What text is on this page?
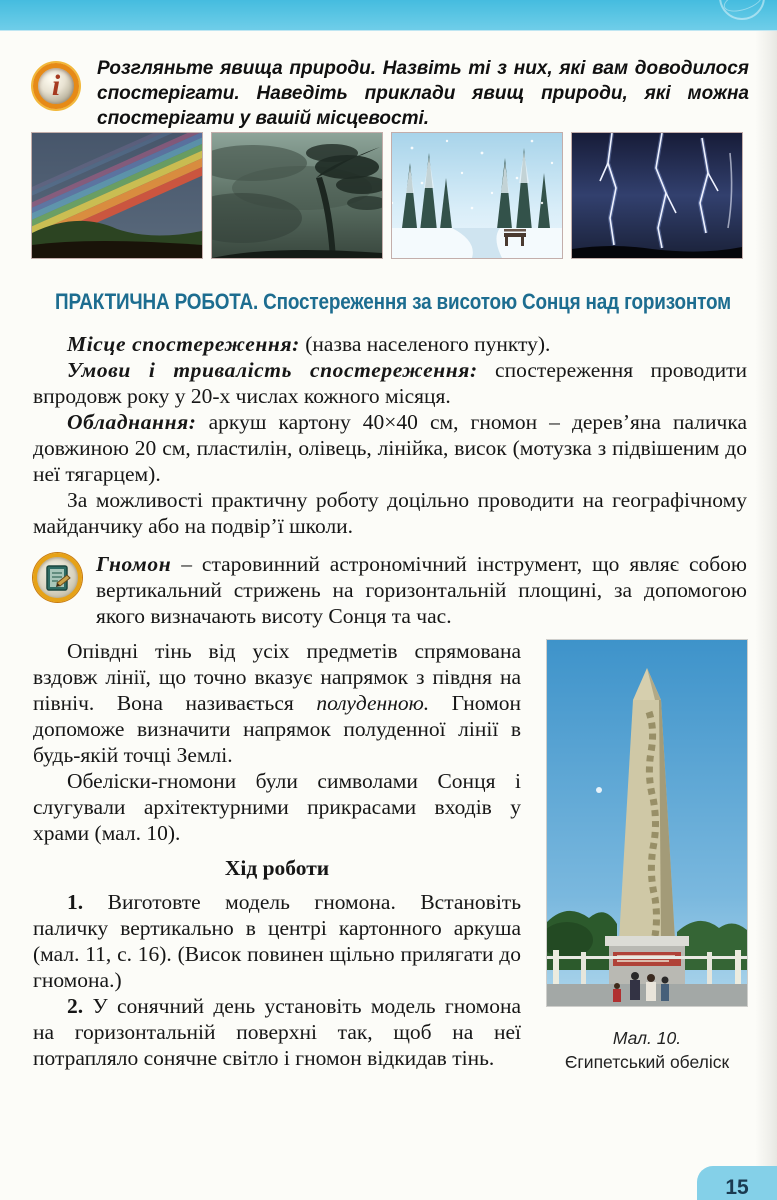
i
Розгляньте явища природи. Назвіть ті з них, які вам доводилося спостерігати. Наведіть приклади явищ природи, які можна спостерігати у вашій місцевості.
ПРАКТИЧНА РОБОТА. Спостереження за висотою Сонця над горизонтом

Місце спостереження: (назва населеного пункту).

Умови і тривалість спостереження: спостереження проводити впродовж року у 20-х числах кожного місяця.

Обладнання: аркуш картону 40×40 см, гномон – дерев’яна паличка довжиною 20 см, пластилін, олівець, лінійка, висок (мотузка з підвішеним до неї тягарцем).

За можливості практичну роботу доцільно проводити на географічному майданчику або на подвір’ї школи.

Гномон – старовинний астрономічний інструмент, що являє собою вертикальний стрижень на горизонтальній площині, за допомогою якого визначають висоту Сонця та час.

Опівдні тінь від усіх предметів спрямована вздовж лінії, що точно вказує напрямок з півдня на північ. Вона називається полуденною. Гномон допоможе визначити напрямок полуденної лінії в будь-якій точці Землі.

Обеліски-гномони були символами Сонця і слугували архітектурними прикрасами входів у храми (мал. 10).

Хід роботи

1. Виготовте модель гномона. Встановіть паличку вертикально в центрі картонного аркуша (мал. 11, с. 16). (Висок повинен щільно прилягати до гномона.)

2. У сонячний день установіть модель гномона на горизонтальній поверхні так, щоб на неї потрапляло сонячне світло і гномон відкидав тінь.

Мал. 10.
Єгипетський обеліск
15
